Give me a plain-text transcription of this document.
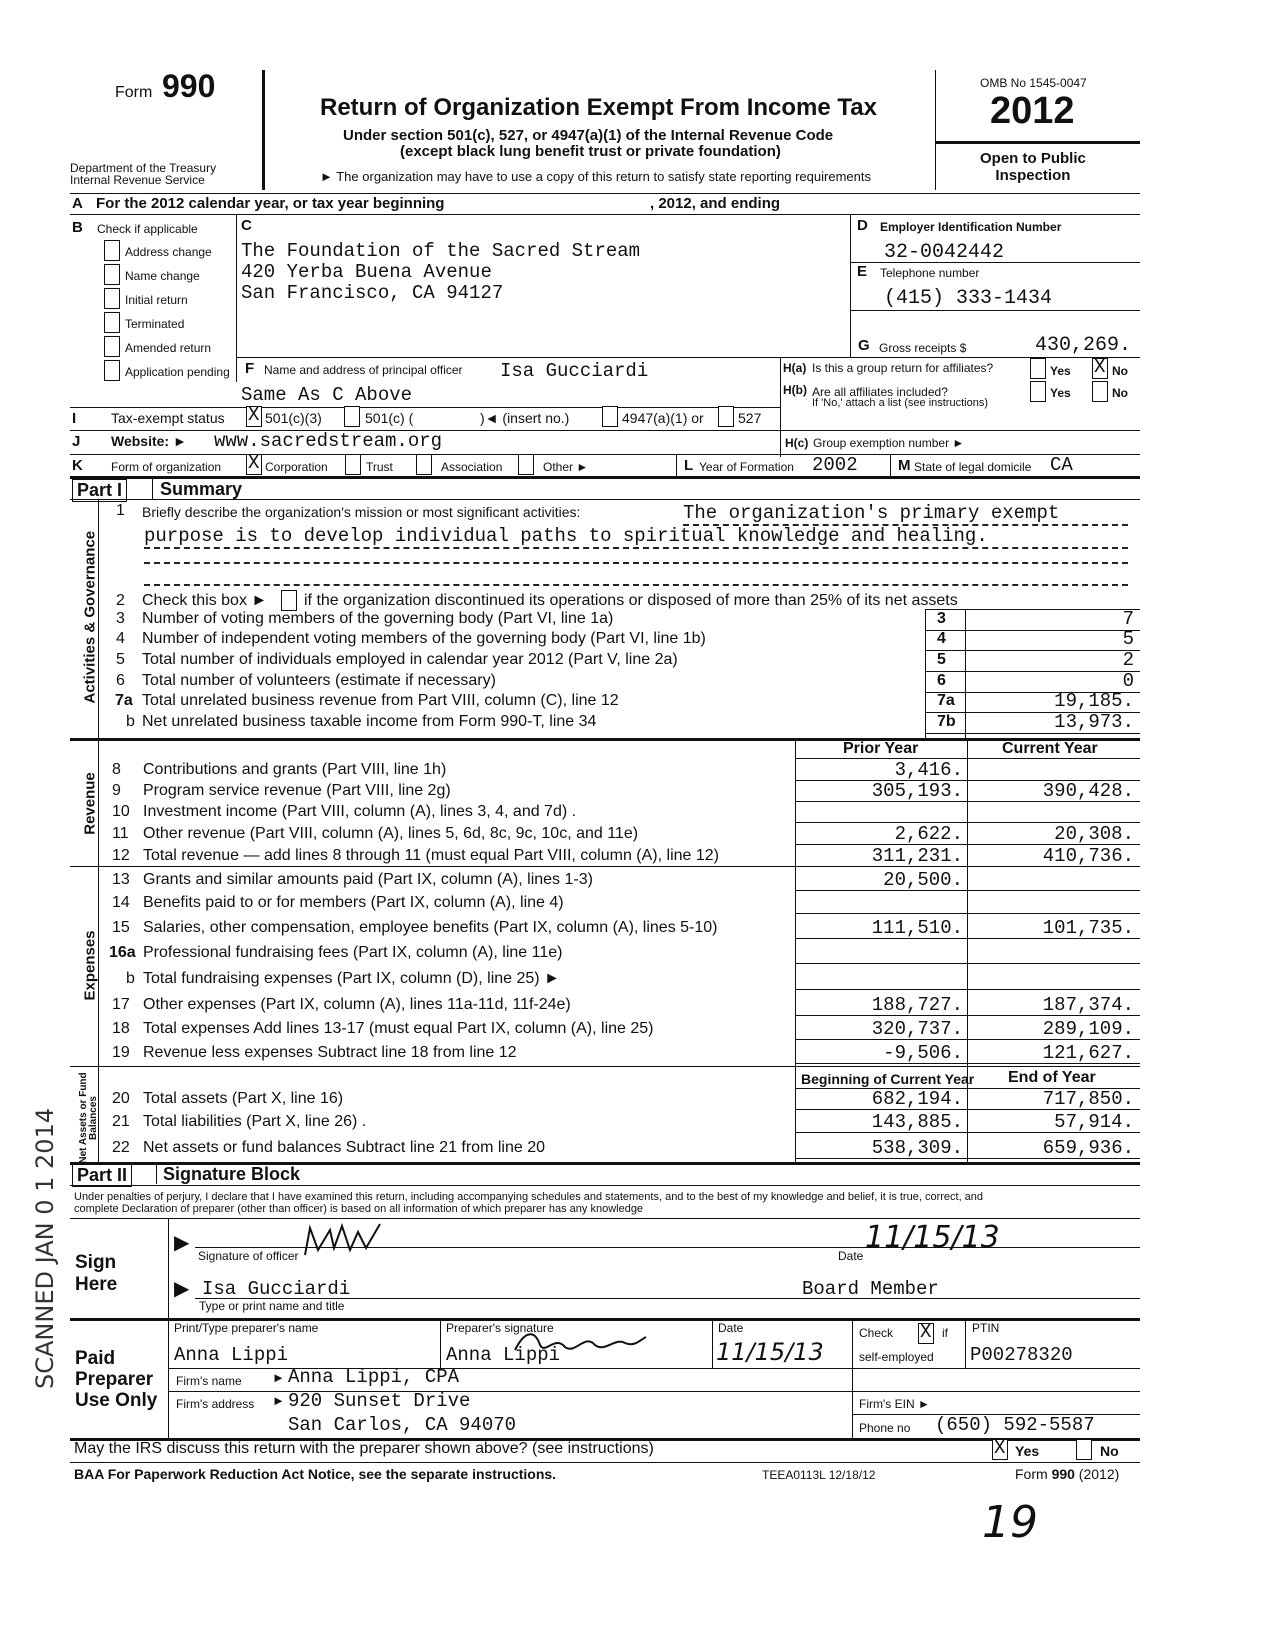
Form 990
Department of the Treasury
Internal Revenue Service
Return of Organization Exempt From Income Tax
Under section 501(c), 527, or 4947(a)(1) of the Internal Revenue Code
(except black lung benefit trust or private foundation)
► The organization may have to use a copy of this return to satisfy state reporting requirements
OMB No 1545-0047
2012
Open to Public
Inspection
A For the 2012 calendar year, or tax year beginning	, 2012, and ending
B Check if applicable
Address change
Name change
Initial return
Terminated
Amended return
Application pending
C
The Foundation of the Sacred Stream
420 Yerba Buena Avenue
San Francisco, CA 94127
D Employer Identification Number
32-0042442
E Telephone number
(415) 333-1434
G Gross receipts $	430,269.
F Name and address of principal officer Isa Gucciardi
Same As C Above
H(a) Is this a group return for affiliates?	Yes X No
H(b) Are all affiliates included?
If 'No,' attach a list (see instructions)
Yes	No
I Tax-exempt status X 501(c)(3)	501(c) (	)◄ (insert no.)	4947(a)(1) or 527
J Website: ► www.sacredstream.org	H(c) Group exemption number ►
K Form of organization X Corporation	Trust	Association	Other ►	L Year of Formation 2002	M State of legal domicile CA
Part I Summary
Activities & Governance
1 Briefly describe the organization's mission or most significant activities:	The organization's primary exempt
purpose is to develop individual paths to spiritual knowledge and healing.
2 Check this box ► if the organization discontinued its operations or disposed of more than 25% of its net assets
3 Number of voting members of the governing body (Part VI, line 1a)	3	7
4 Number of independent voting members of the governing body (Part VI, line 1b)	4	5
5 Total number of individuals employed in calendar year 2012 (Part V, line 2a)	5	2
6 Total number of volunteers (estimate if necessary)	6	0
7a Total unrelated business revenue from Part VIII, column (C), line 12	7a	19,185.
b Net unrelated business taxable income from Form 990-T, line 34	7b	13,973.
Prior Year	Current Year
Revenue
8 Contributions and grants (Part VIII, line 1h)	3,416.
9 Program service revenue (Part VIII, line 2g)	305,193.	390,428.
10 Investment income (Part VIII, column (A), lines 3, 4, and 7d) .
11 Other revenue (Part VIII, column (A), lines 5, 6d, 8c, 9c, 10c, and 11e)	2,622.	20,308.
12 Total revenue — add lines 8 through 11 (must equal Part VIII, column (A), line 12)	311,231.	410,736.
Expenses
13 Grants and similar amounts paid (Part IX, column (A), lines 1-3)	20,500.
14 Benefits paid to or for members (Part IX, column (A), line 4)
15 Salaries, other compensation, employee benefits (Part IX, column (A), lines 5-10)	111,510.	101,735.
16a Professional fundraising fees (Part IX, column (A), line 11e)
b Total fundraising expenses (Part IX, column (D), line 25) ►
17 Other expenses (Part IX, column (A), lines 11a-11d, 11f-24e)	188,727.	187,374.
18 Total expenses Add lines 13-17 (must equal Part IX, column (A), line 25)	320,737.	289,109.
19 Revenue less expenses Subtract line 18 from line 12	-9,506.	121,627.
Net Assets or Fund Balances
Beginning of Current Year End of Year
20 Total assets (Part X, line 16)	682,194.	717,850.
21 Total liabilities (Part X, line 26) .	143,885.	57,914.
22 Net assets or fund balances Subtract line 21 from line 20	538,309.	659,936.
Part II Signature Block
Under penalties of perjury, I declare that I have examined this return, including accompanying schedules and statements, and to the best of my knowledge and belief, it is true, correct, and
complete Declaration of preparer (other than officer) is based on all information of which preparer has any knowledge
Sign
Here
▶
Signature of officer	Date
11/15/13
▶ Isa Gucciardi	Board Member
Type or print name and title
Paid
Preparer
Use Only
Print/Type preparer's name
Anna Lippi
Preparer's signature
Anna Lippi
Date
11/15/13
Check X if
self-employed
PTIN
P00278320
Firm's name ► Anna Lippi, CPA
Firm's address ► 920 Sunset Drive
San Carlos, CA 94070
Firm's EIN ►
Phone no (650) 592-5587
May the IRS discuss this return with the preparer shown above? (see instructions)	X Yes	No
BAA For Paperwork Reduction Act Notice, see the separate instructions.	TEEA0113L 12/18/12	Form 990 (2012)
19
SCANNED JAN 0 1 2014
